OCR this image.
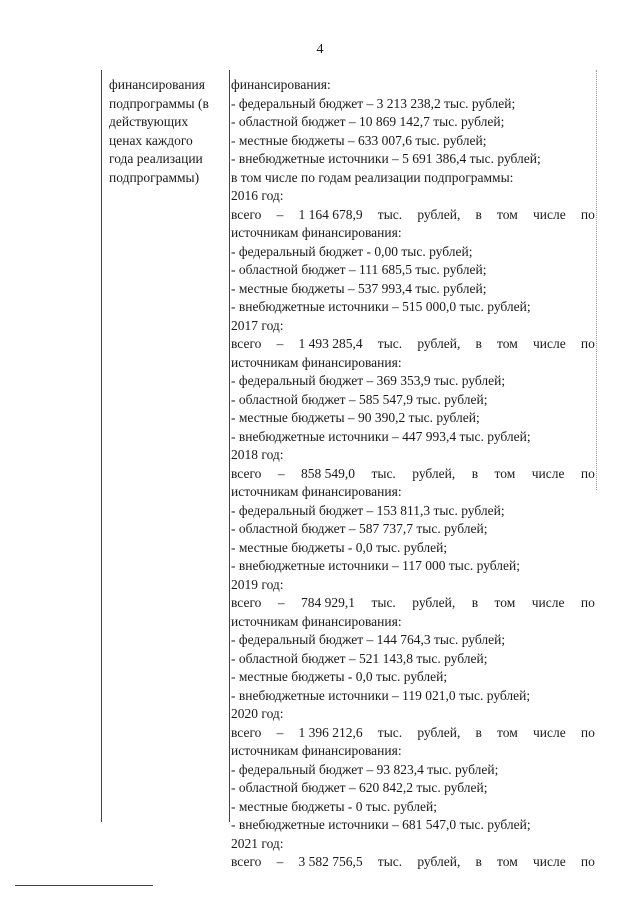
4
финансирования
подпрограммы (в
действующих
ценах каждого
года реализации
подпрограммы)
финансирования:
- федеральный бюджет – 3 213 238,2 тыс. рублей;
- областной бюджет – 10 869 142,7 тыс. рублей;
- местные бюджеты – 633 007,6 тыс. рублей;
- внебюджетные источники – 5 691 386,4 тыс. рублей;
в том числе по годам реализации подпрограммы:
2016 год:
всего – 1 164 678,9 тыс. рублей, в том числе по
источникам финансирования:
- федеральный бюджет - 0,00 тыс. рублей;
- областной бюджет – 111 685,5 тыс. рублей;
- местные бюджеты – 537 993,4 тыс. рублей;
- внебюджетные источники – 515 000,0 тыс. рублей;
2017 год:
всего – 1 493 285,4 тыс. рублей, в том числе по
источникам финансирования:
- федеральный бюджет – 369 353,9 тыс. рублей;
- областной бюджет – 585 547,9 тыс. рублей;
- местные бюджеты – 90 390,2 тыс. рублей;
- внебюджетные источники – 447 993,4 тыс. рублей;
2018 год:
всего – 858 549,0 тыс. рублей, в том числе по
источникам финансирования:
- федеральный бюджет – 153 811,3 тыс. рублей;
- областной бюджет – 587 737,7 тыс. рублей;
- местные бюджеты - 0,0 тыс. рублей;
- внебюджетные источники – 117 000 тыс. рублей;
2019 год:
всего – 784 929,1 тыс. рублей, в том числе по
источникам финансирования:
- федеральный бюджет – 144 764,3 тыс. рублей;
- областной бюджет – 521 143,8 тыс. рублей;
- местные бюджеты - 0,0 тыс. рублей;
- внебюджетные источники – 119 021,0 тыс. рублей;
2020 год:
всего – 1 396 212,6 тыс. рублей, в том числе по
источникам финансирования:
- федеральный бюджет – 93 823,4 тыс. рублей;
- областной бюджет – 620 842,2 тыс. рублей;
- местные бюджеты - 0 тыс. рублей;
- внебюджетные источники – 681 547,0 тыс. рублей;
2021 год:
всего – 3 582 756,5 тыс. рублей, в том числе по
